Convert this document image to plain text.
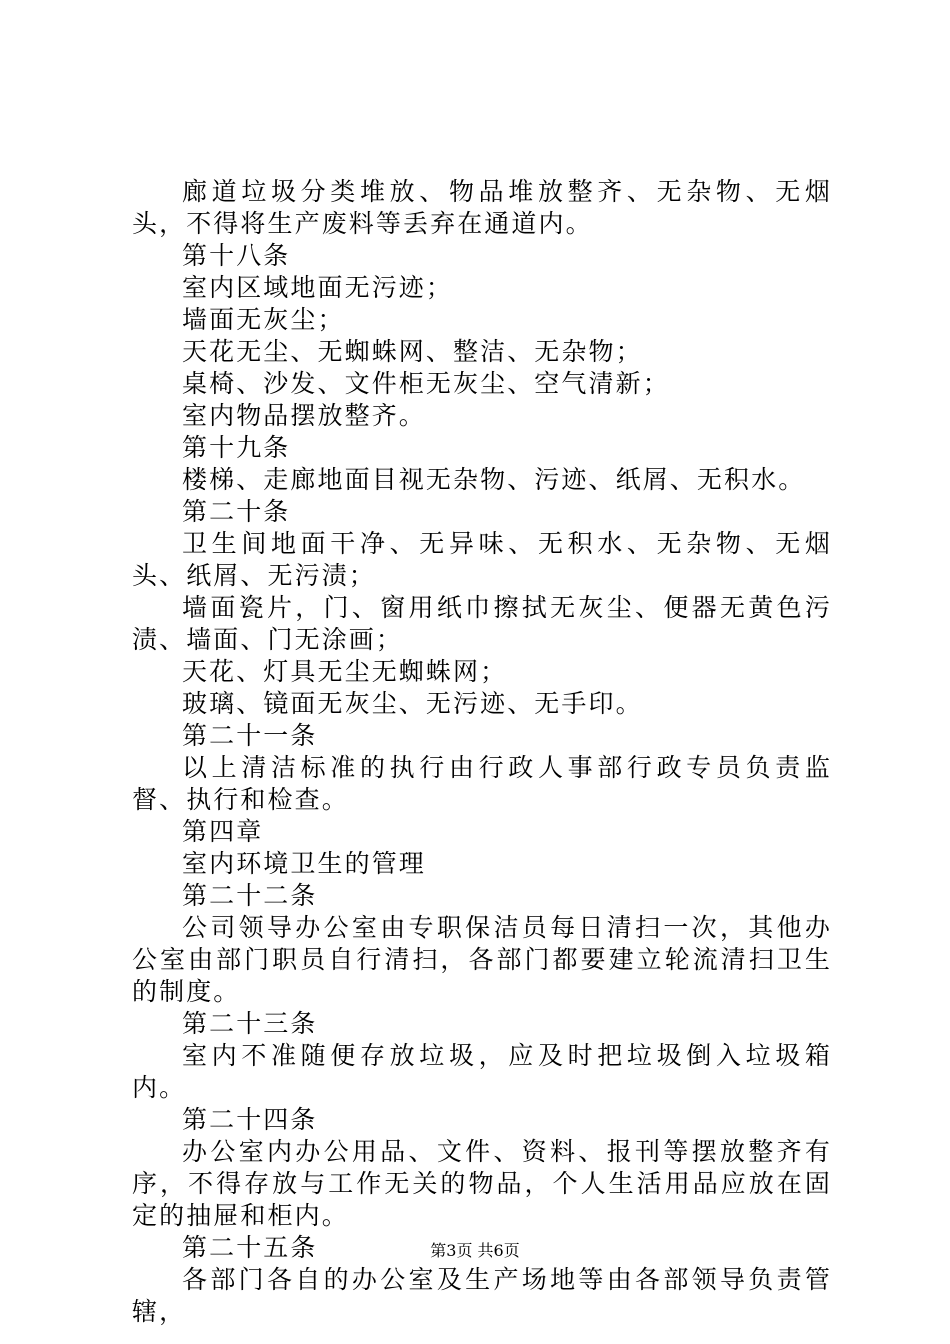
廊道垃圾分类堆放、物品堆放整齐、无杂物、无烟头，不得将生产废料等丢弃在通道内。

第十八条

室内区域地面无污迹；

墙面无灰尘；

天花无尘、无蜘蛛网、整洁、无杂物；

桌椅、沙发、文件柜无灰尘、空气清新；

室内物品摆放整齐。

第十九条

楼梯、走廊地面目视无杂物、污迹、纸屑、无积水。

第二十条

卫生间地面干净、无异味、无积水、无杂物、无烟头、纸屑、无污渍；

墙面瓷片，门、窗用纸巾擦拭无灰尘、便器无黄色污渍、墙面、门无涂画；

天花、灯具无尘无蜘蛛网；

玻璃、镜面无灰尘、无污迹、无手印。

第二十一条

以上清洁标准的执行由行政人事部行政专员负责监督、执行和检查。

第四章

室内环境卫生的管理

第二十二条

公司领导办公室由专职保洁员每日清扫一次，其他办公室由部门职员自行清扫，各部门都要建立轮流清扫卫生的制度。

第二十三条

室内不准随便存放垃圾，应及时把垃圾倒入垃圾箱内。

第二十四条

办公室内办公用品、文件、资料、报刊等摆放整齐有序，不得存放与工作无关的物品，个人生活用品应放在固定的抽屉和柜内。

第二十五条

各部门各自的办公室及生产场地等由各部领导负责管辖，

第3页 共6页
